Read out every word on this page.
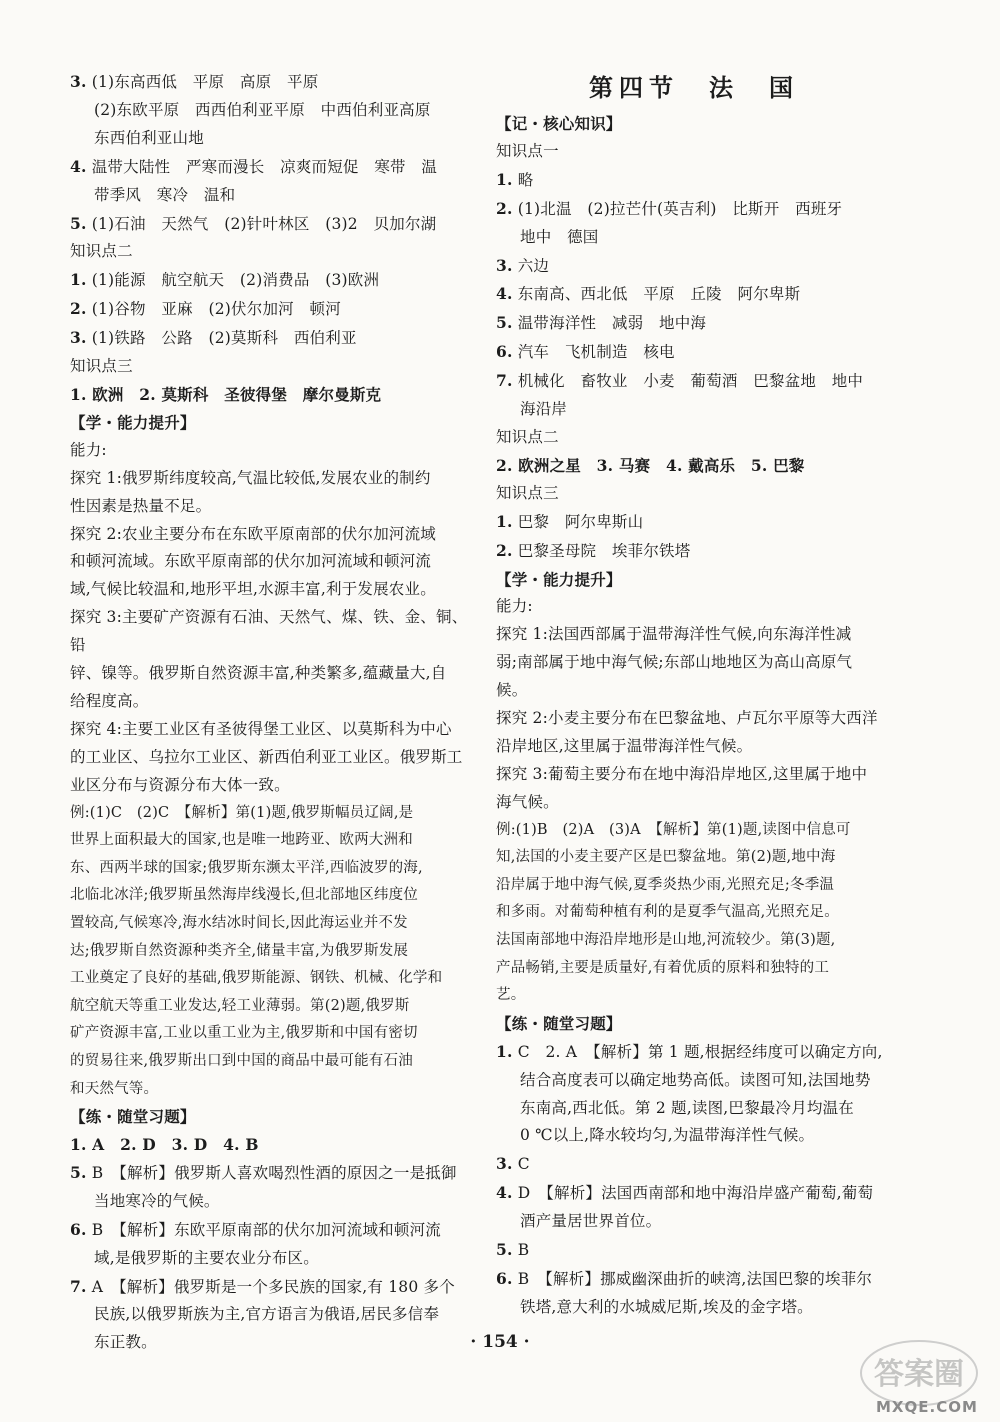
3. (1)东高西低　平原　高原　平原

(2)东欧平原　西西伯利亚平原　中西伯利亚高原

东西伯利亚山地

4. 温带大陆性　严寒而漫长　凉爽而短促　寒带　温

带季风　寒冷　温和

5. (1)石油　天然气　(2)针叶林区　(3)2　贝加尔湖

知识点二

1. (1)能源　航空航天　(2)消费品　(3)欧洲

2. (1)谷物　亚麻　(2)伏尔加河　顿河

3. (1)铁路　公路　(2)莫斯科　西伯利亚

知识点三

1. 欧洲　2. 莫斯科　圣彼得堡　摩尔曼斯克

【学・能力提升】

能力:

探究 1:俄罗斯纬度较高,气温比较低,发展农业的制约

性因素是热量不足。

探究 2:农业主要分布在东欧平原南部的伏尔加河流域

和顿河流域。东欧平原南部的伏尔加河流域和顿河流

域,气候比较温和,地形平坦,水源丰富,利于发展农业。

探究 3:主要矿产资源有石油、天然气、煤、铁、金、铜、铅

锌、镍等。俄罗斯自然资源丰富,种类繁多,蕴藏量大,自

给程度高。

探究 4:主要工业区有圣彼得堡工业区、以莫斯科为中心

的工业区、乌拉尔工业区、新西伯利亚工业区。俄罗斯工

业区分布与资源分布大体一致。

例:(1)C　(2)C　【解析】第(1)题,俄罗斯幅员辽阔,是

世界上面积最大的国家,也是唯一地跨亚、欧两大洲和

东、西两半球的国家;俄罗斯东濒太平洋,西临波罗的海,

北临北冰洋;俄罗斯虽然海岸线漫长,但北部地区纬度位

置较高,气候寒冷,海水结冰时间长,因此海运业并不发

达;俄罗斯自然资源种类齐全,储量丰富,为俄罗斯发展

工业奠定了良好的基础,俄罗斯能源、钢铁、机械、化学和

航空航天等重工业发达,轻工业薄弱。第(2)题,俄罗斯

矿产资源丰富,工业以重工业为主,俄罗斯和中国有密切

的贸易往来,俄罗斯出口到中国的商品中最可能有石油

和天然气等。

【练・随堂习题】

1. A　2. D　3. D　4. B

5. B　【解析】俄罗斯人喜欢喝烈性酒的原因之一是抵御

当地寒冷的气候。

6. B　【解析】东欧平原南部的伏尔加河流域和顿河流

域,是俄罗斯的主要农业分布区。

7. A　【解析】俄罗斯是一个多民族的国家,有 180 多个

民族,以俄罗斯族为主,官方语言为俄语,居民多信奉

东正教。

第四节　法　国

【记・核心知识】

知识点一

1. 略

2. (1)北温　(2)拉芒什(英吉利)　比斯开　西班牙

地中　德国

3. 六边

4. 东南高、西北低　平原　丘陵　阿尔卑斯

5. 温带海洋性　减弱　地中海

6. 汽车　飞机制造　核电

7. 机械化　畜牧业　小麦　葡萄酒　巴黎盆地　地中

海沿岸

知识点二

2. 欧洲之星　3. 马赛　4. 戴高乐　5. 巴黎

知识点三

1. 巴黎　阿尔卑斯山

2. 巴黎圣母院　埃菲尔铁塔

【学・能力提升】

能力:

探究 1:法国西部属于温带海洋性气候,向东海洋性减

弱;南部属于地中海气候;东部山地地区为高山高原气

候。

探究 2:小麦主要分布在巴黎盆地、卢瓦尔平原等大西洋

沿岸地区,这里属于温带海洋性气候。

探究 3:葡萄主要分布在地中海沿岸地区,这里属于地中

海气候。

例:(1)B　(2)A　(3)A　【解析】第(1)题,读图中信息可

知,法国的小麦主要产区是巴黎盆地。第(2)题,地中海

沿岸属于地中海气候,夏季炎热少雨,光照充足;冬季温

和多雨。对葡萄种植有利的是夏季气温高,光照充足。

法国南部地中海沿岸地形是山地,河流较少。第(3)题,

产品畅销,主要是质量好,有着优质的原料和独特的工

艺。

【练・随堂习题】

1. C　2. A　【解析】第 1 题,根据经纬度可以确定方向,

结合高度表可以确定地势高低。读图可知,法国地势

东南高,西北低。第 2 题,读图,巴黎最冷月均温在

0 ℃以上,降水较均匀,为温带海洋性气候。

3. C

4. D　【解析】法国西南部和地中海沿岸盛产葡萄,葡萄

酒产量居世界首位。

5. B

6. B　【解析】挪威幽深曲折的峡湾,法国巴黎的埃菲尔

铁塔,意大利的水城威尼斯,埃及的金字塔。

· 154 ·
答案圈
MXQE.COM
